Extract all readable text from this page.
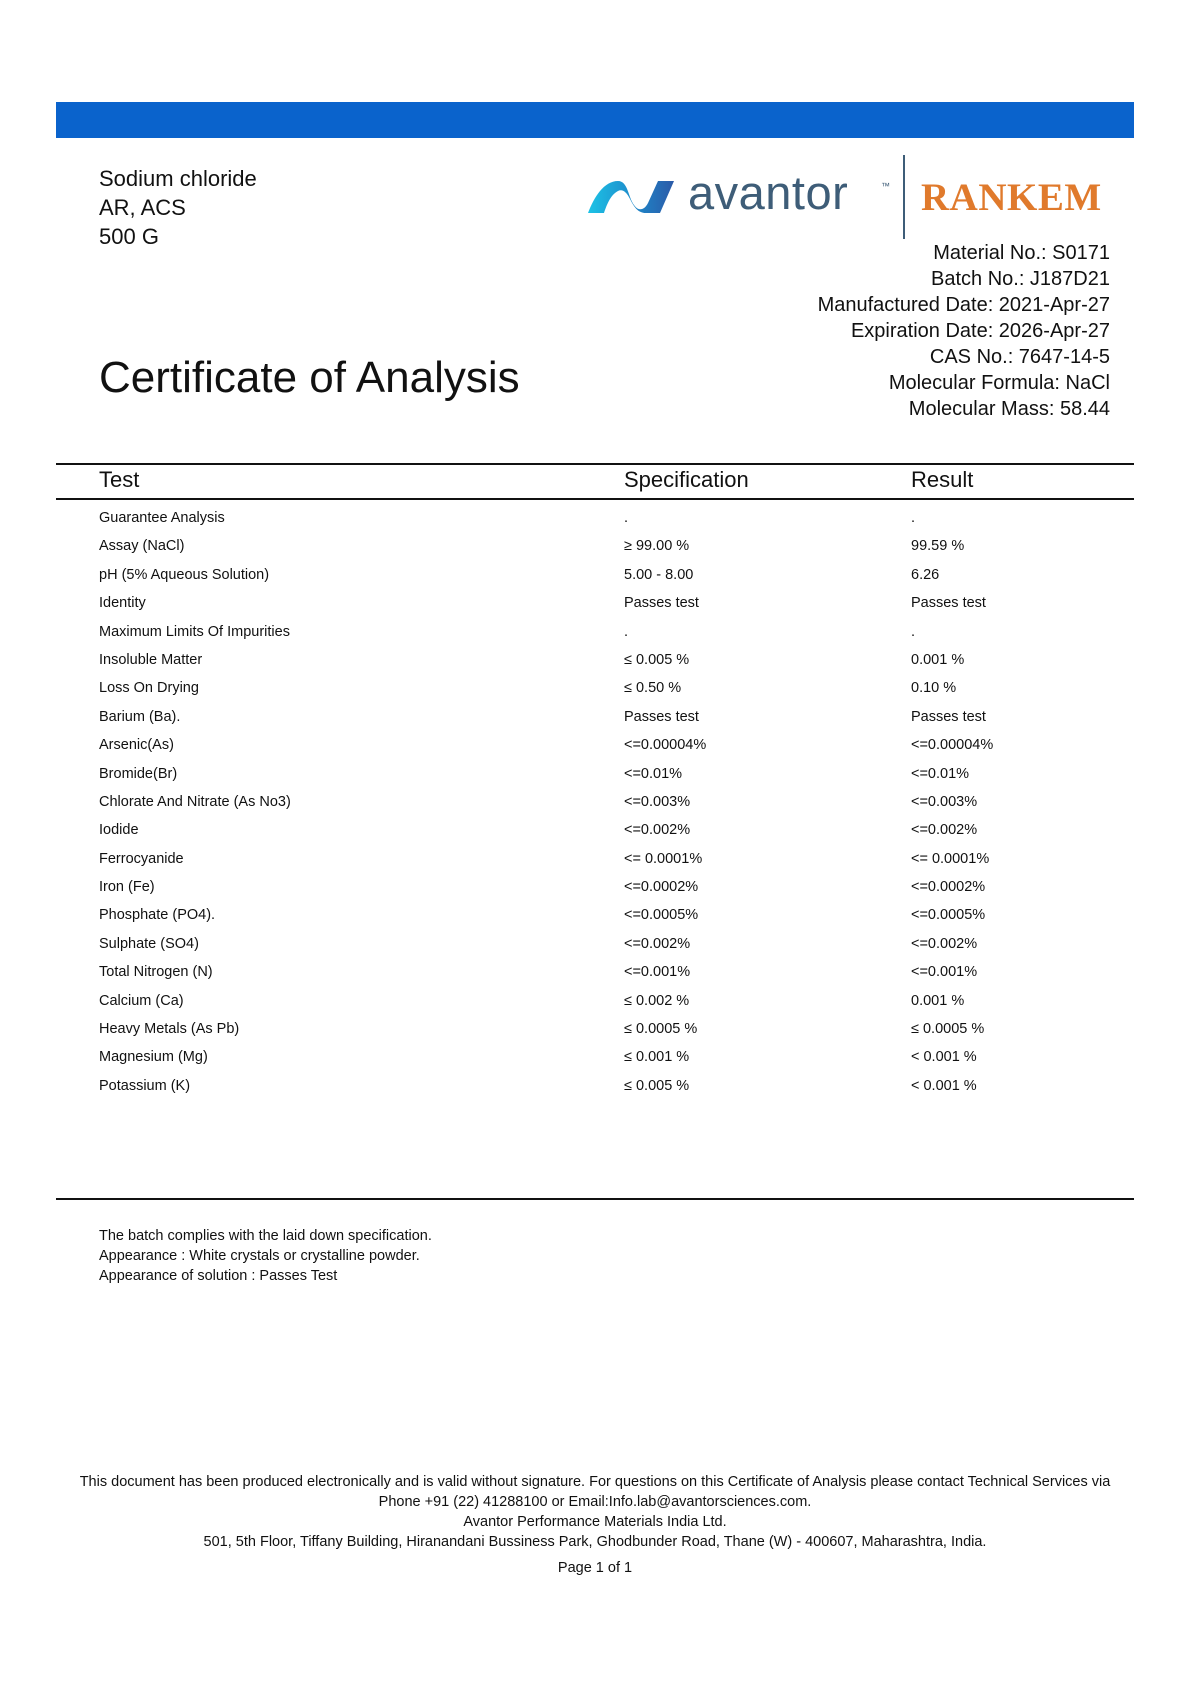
Sodium chloride
AR, ACS
500 G
avantor	™ RANKEM
Material No.: S0171
Batch No.: J187D21
Manufactured Date: 2021-Apr-27
Expiration Date: 2026-Apr-27
CAS No.: 7647-14-5
Molecular Formula: NaCl
Molecular Mass: 58.44
Certificate of Analysis
Test	Specification	Result
Guarantee Analysis	.	.
Assay (NaCl)	≥ 99.00 %	99.59 %
pH (5% Aqueous Solution)	5.00 - 8.00	6.26
Identity	Passes test	Passes test
Maximum Limits Of Impurities	.	.
Insoluble Matter	≤ 0.005 %	0.001 %
Loss On Drying	≤ 0.50 %	0.10 %
Barium (Ba).	Passes test	Passes test
Arsenic(As)	<=0.00004%	<=0.00004%
Bromide(Br)	<=0.01%	<=0.01%
Chlorate And Nitrate (As No3)	<=0.003%	<=0.003%
Iodide	<=0.002%	<=0.002%
Ferrocyanide	<= 0.0001%	<= 0.0001%
Iron (Fe)	<=0.0002%	<=0.0002%
Phosphate (PO4).	<=0.0005%	<=0.0005%
Sulphate (SO4)	<=0.002%	<=0.002%
Total Nitrogen (N)	<=0.001%	<=0.001%
Calcium (Ca)	≤ 0.002 %	0.001 %
Heavy Metals (As Pb)	≤ 0.0005 %	≤ 0.0005 %
Magnesium (Mg)	≤ 0.001 %	< 0.001 %
Potassium (K)	≤ 0.005 %	< 0.001 %
The batch complies with the laid down specification.
Appearance : White crystals or crystalline powder.
Appearance of solution : Passes Test
This document has been produced electronically and is valid without signature. For questions on this Certificate of Analysis please contact Technical Services via
Phone +91 (22) 41288100 or Email:Info.lab@avantorsciences.com.
Avantor Performance Materials India Ltd.
501, 5th Floor, Tiffany Building, Hiranandani Bussiness Park, Ghodbunder Road, Thane (W) - 400607, Maharashtra, India.
Page 1 of 1
